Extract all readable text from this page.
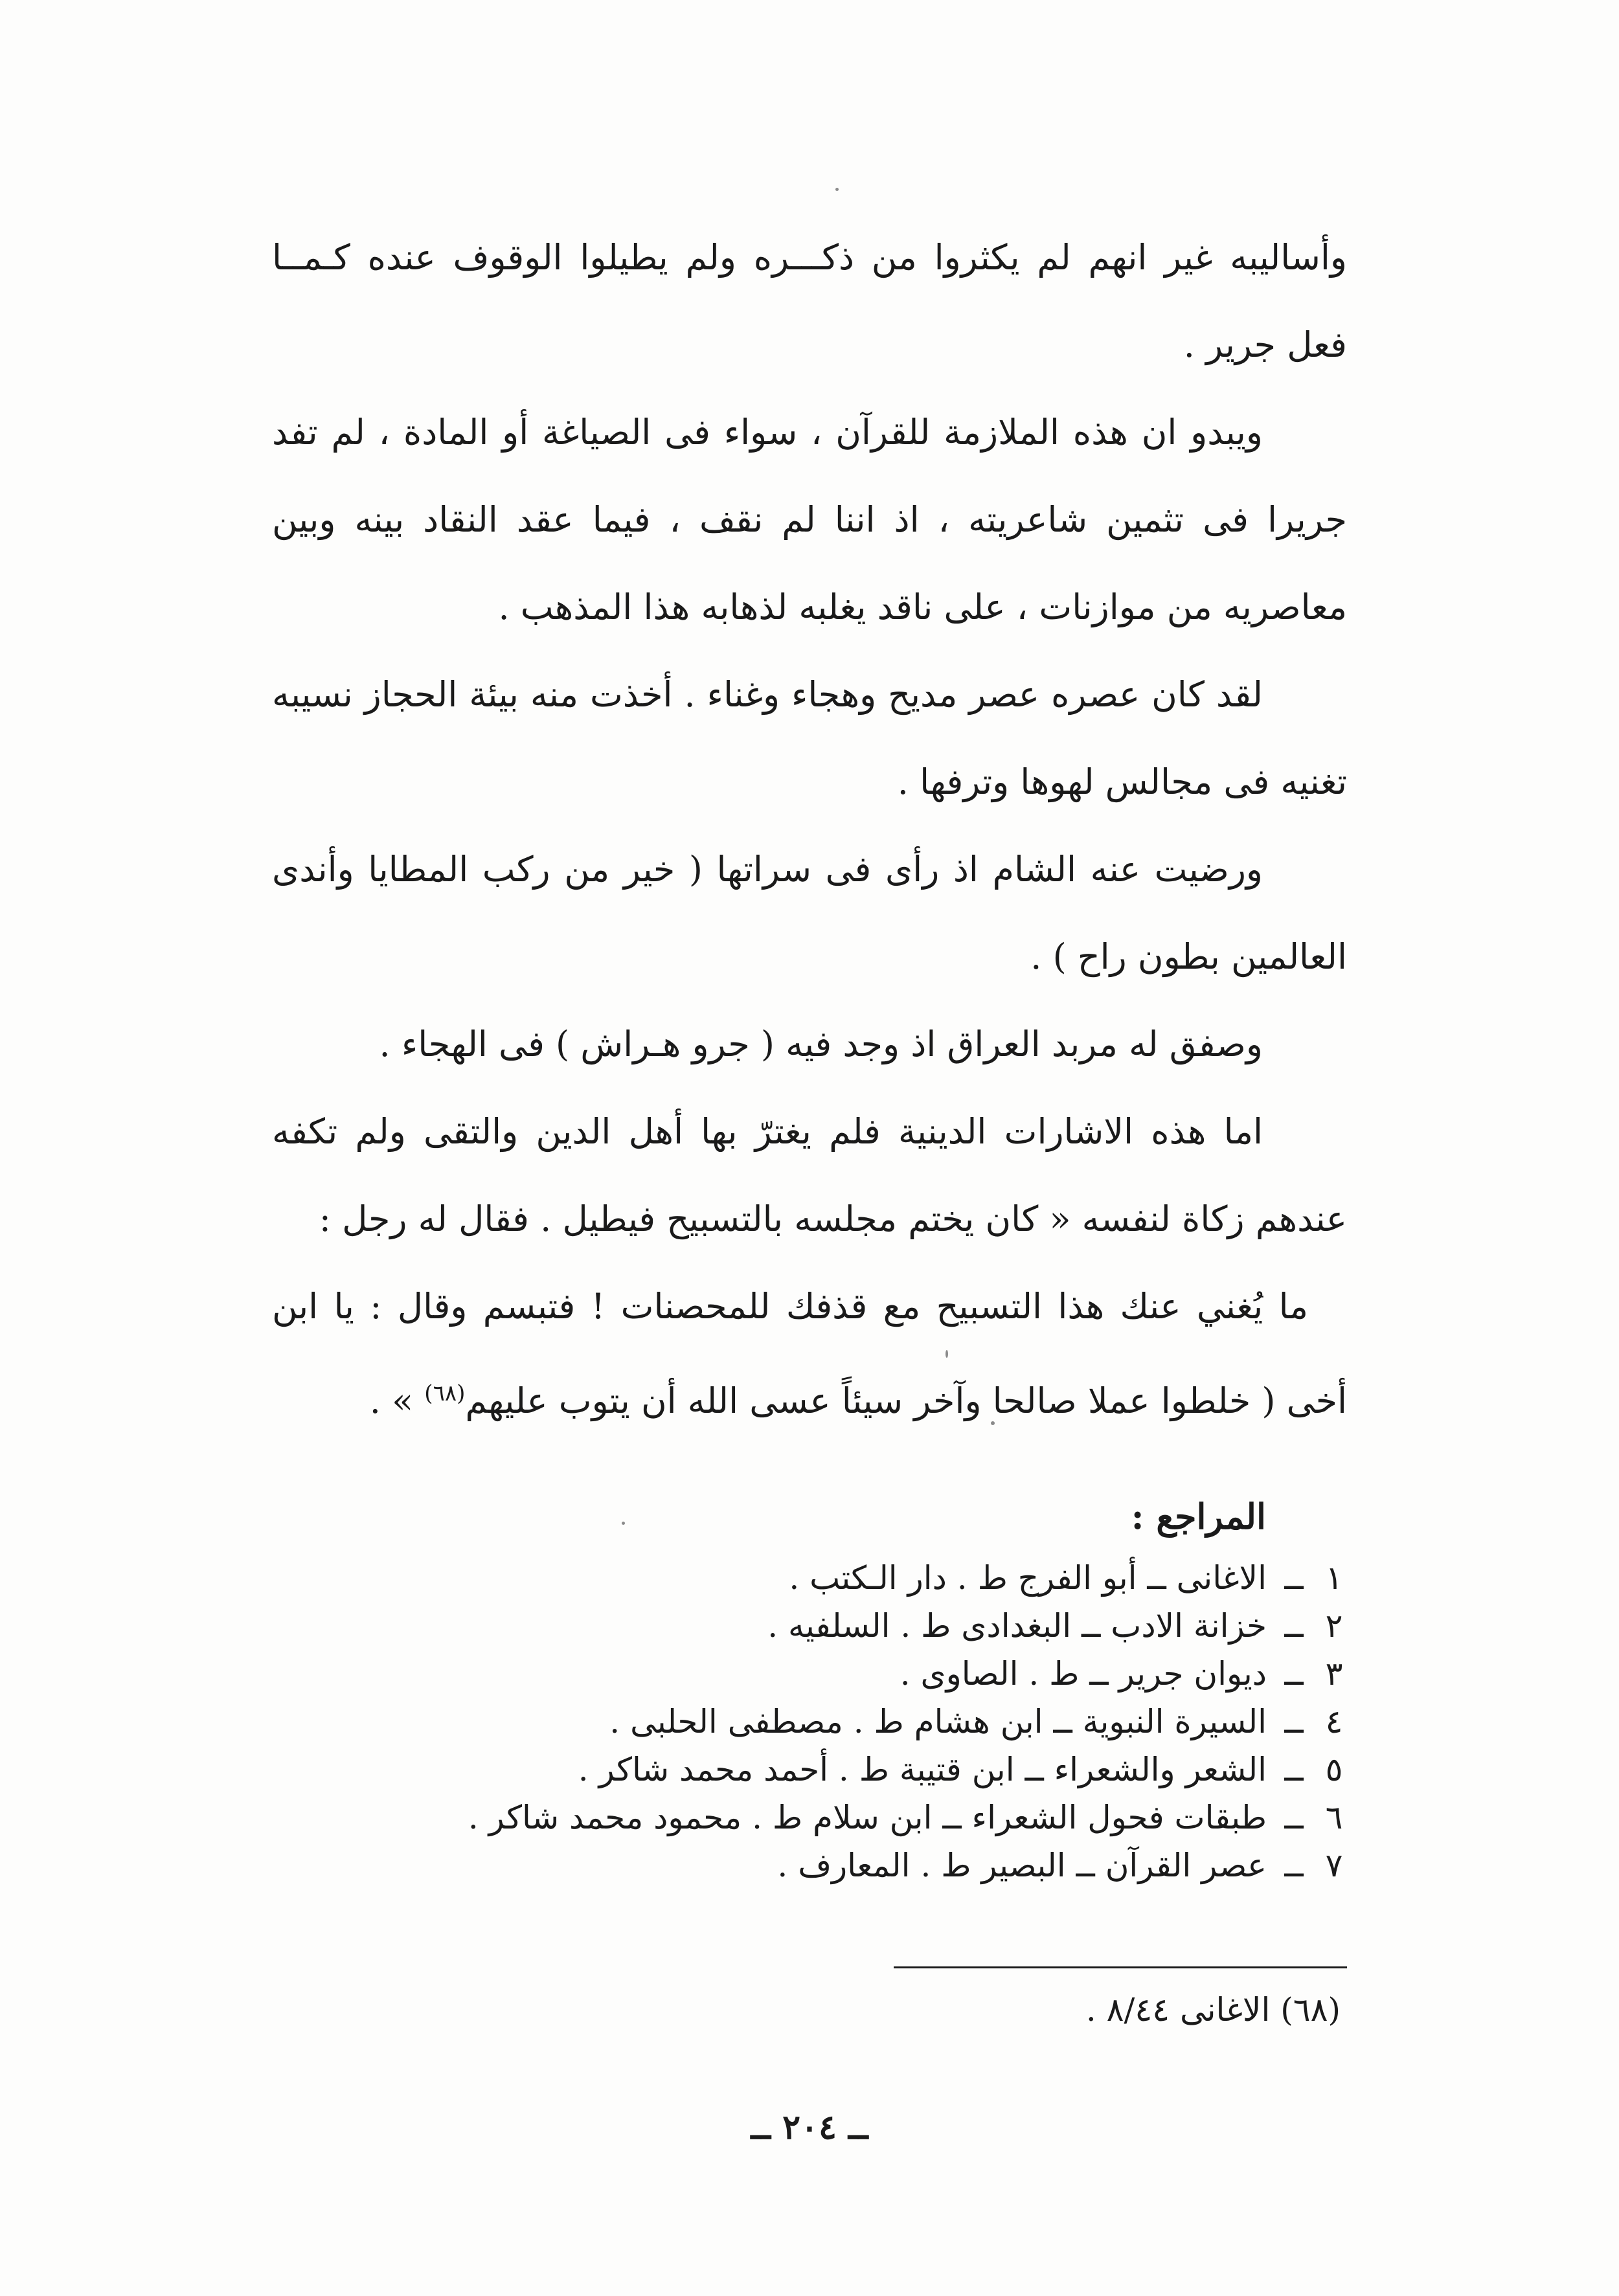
وأساليبه غير انهم لم يكثروا من ذكـــره ولم يطيلوا الوقوف عنده كـمــا فعل جرير .

ويبدو ان هذه الملازمة للقرآن ، سواء فى الصياغة أو المادة ، لم تفد جريرا فى تثمين شاعريته ، اذ اننا لم نقف ، فيما عقد النقاد بينه وبين معاصريه من موازنات ، على ناقد يغلبه لذهابه هذا المذهب .

لقد كان عصره عصر مديح وهجاء وغناء . أخذت منه بيئة الحجاز نسيبه تغنيه فى مجالس لهوها وترفها .

ورضيت عنه الشام اذ رأى فى سراتها ( خير من ركب المطايا وأندى العالمين بطون راح ) .

وصفق له مربد العراق اذ وجد فيه ( جرو هـراش ) فى الهجاء .

اما هذه الاشارات الدينية فلم يغترّ بها أهل الدين والتقى ولم تكفه عندهم زكاة لنفسه « كان يختم مجلسه بالتسبيح فيطيل . فقال له رجل :

ما يُغني عنك هذا التسبيح مع قذفك للمحصنات ! فتبسم وقال : يا ابن أخى ( خلطوا عملا صالحا وآخر سيئاً عسى الله أن يتوب عليهم$^{(٦٨)}$ » .

المراجع :
١
ــ
الاغانى ــ أبو الفرج ط . دار الـكتب .
٢
ــ
خزانة الادب ــ البغدادى ط . السلفيه .
٣
ــ
ديوان جرير ــ ط . الصاوى .
٤
ــ
السيرة النبوية ــ ابن هشام ط . مصطفى الحلبى .
٥
ــ
الشعر والشعراء ــ ابن قتيبة ط . أحمد محمد شاكر .
٦
ــ
طبقات فحول الشعراء ــ ابن سلام ط . محمود محمد شاكر .
٧
ــ
عصر القرآن ــ البصير ط . المعارف .
(٦٨) الاغانى ٨/٤٤ .
ــ ٢٠٤ ــ
